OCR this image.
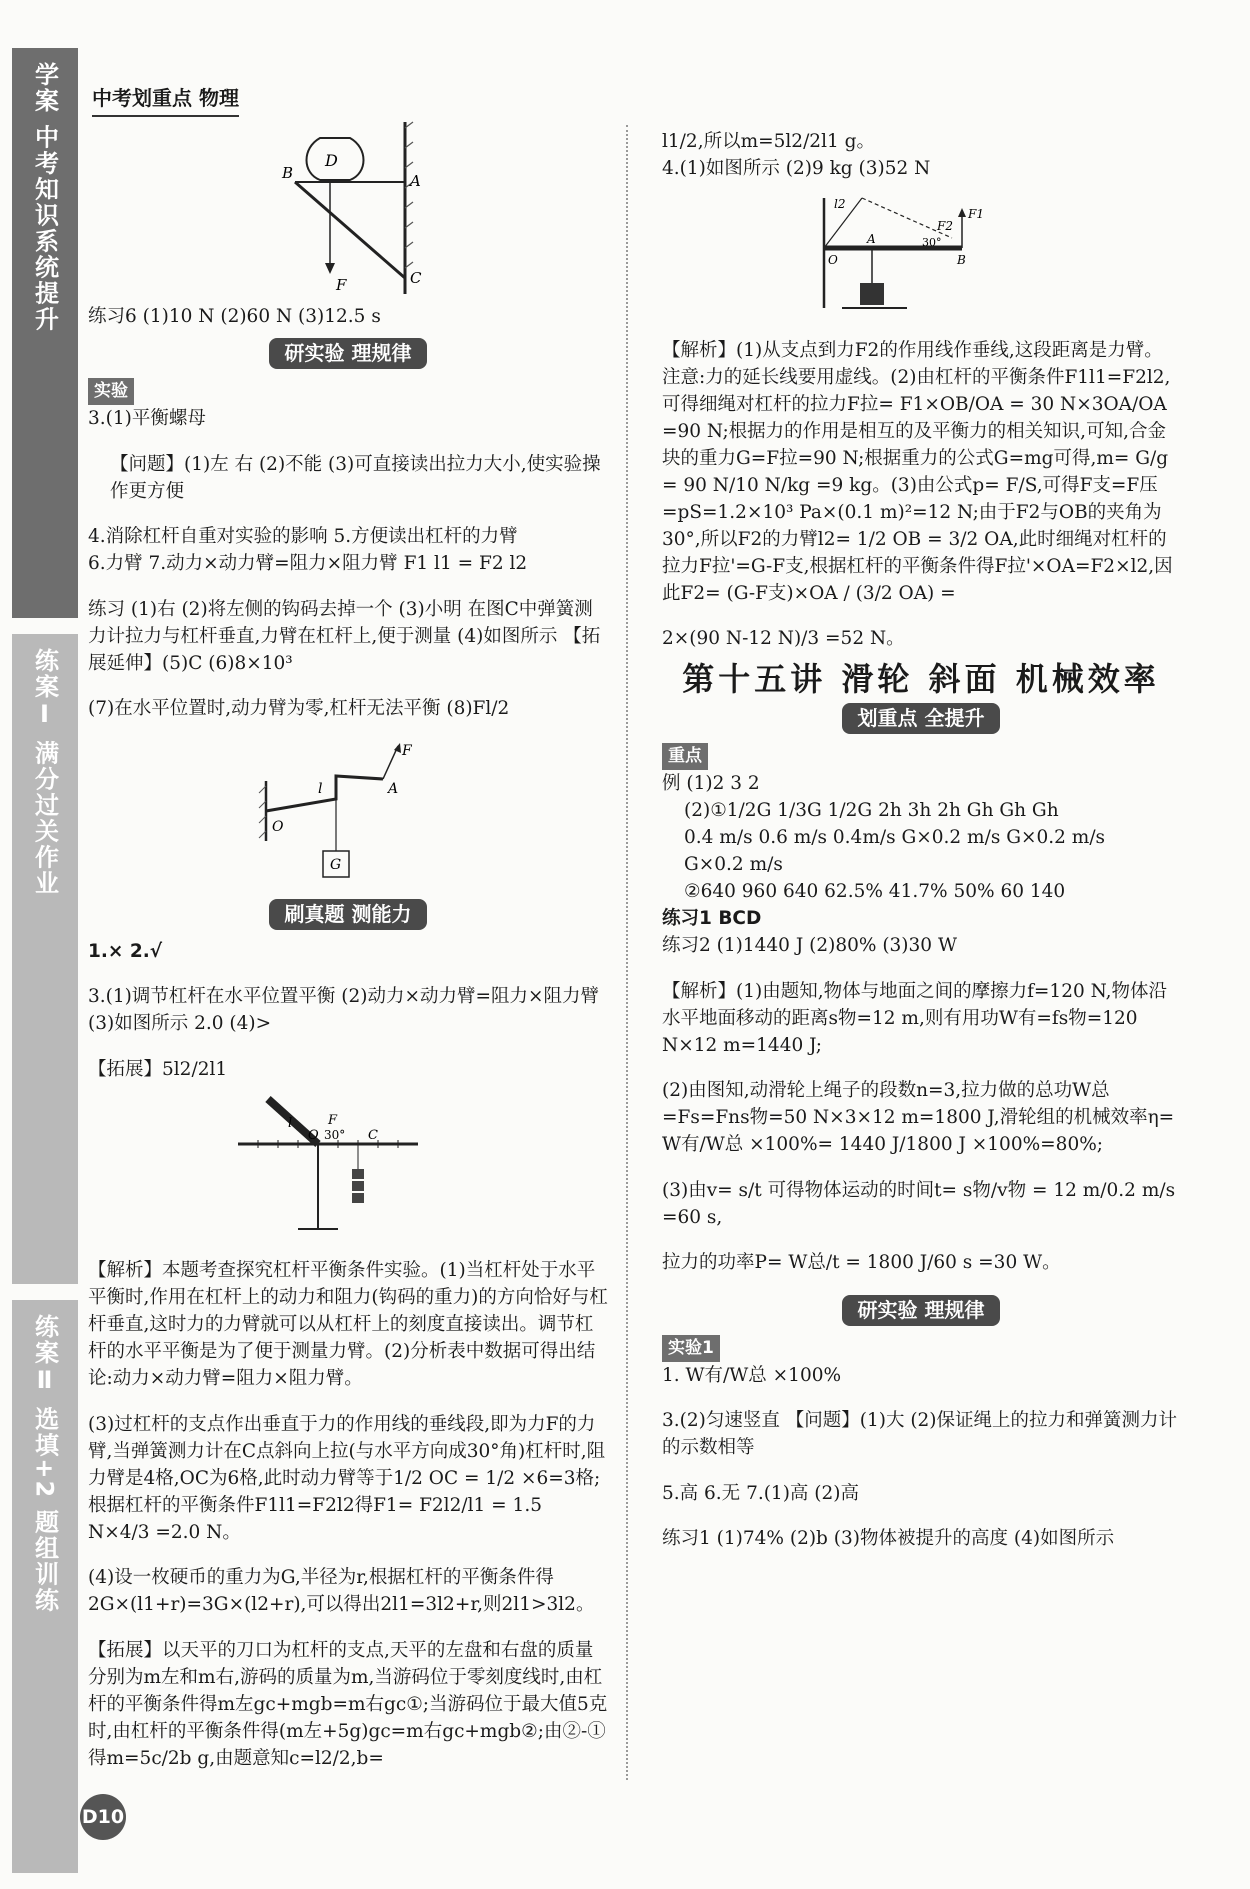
学案 中考知识系统提升
练案Ⅰ 满分过关作业
练案Ⅱ 选填+2 题组训练
中考划重点 物理
D
B	A
C
F

练习6 (1)10 N (2)60 N (3)12.5 s

研实验 理规律
实验

3.(1)平衡螺母

【问题】(1)左 右 (2)不能 (3)可直接读出拉力大小,使实验操作更方便

4.消除杠杆自重对实验的影响 5.方便读出杠杆的力臂

6.力臂 7.动力×动力臂=阻力×阻力臂 F1 l1 = F2 l2

练习 (1)右 (2)将左侧的钩码去掉一个 (3)小明 在图C中弹簧测力计拉力与杠杆垂直,力臂在杠杆上,便于测量 (4)如图所示 【拓展延伸】(5)C (6)8×10³

(7)在水平位置时,动力臂为零,杠杆无法平衡 (8)Fl/2

F
A
l
O
G
刷真题 测能力

1.× 2.√

3.(1)调节杠杆在水平位置平衡 (2)动力×动力臂=阻力×阻力臂 (3)如图所示 2.0 (4)>

【拓展】5l2/2l1

l	F
O 30° C

【解析】本题考查探究杠杆平衡条件实验。(1)当杠杆处于水平平衡时,作用在杠杆上的动力和阻力(钩码的重力)的方向恰好与杠杆垂直,这时力的力臂就可以从杠杆上的刻度直接读出。调节杠杆的水平平衡是为了便于测量力臂。(2)分析表中数据可得出结论:动力×动力臂=阻力×阻力臂。

(3)过杠杆的支点作出垂直于力的作用线的垂线段,即为力F的力臂,当弹簧测力计在C点斜向上拉(与水平方向成30°角)杠杆时,阻力臂是4格,OC为6格,此时动力臂等于1/2 OC = 1/2 ×6=3格;根据杠杆的平衡条件F1l1=F2l2得F1= F2l2/l1 = 1.5 N×4/3 =2.0 N。

(4)设一枚硬币的重力为G,半径为r,根据杠杆的平衡条件得2G×(l1+r)=3G×(l2+r),可以得出2l1=3l2+r,则2l1>3l2。

【拓展】以天平的刀口为杠杆的支点,天平的左盘和右盘的质量分别为m左和m右,游码的质量为m,当游码位于零刻度线时,由杠杆的平衡条件得m左gc+mgb=m右gc①;当游码位于最大值5克时,由杠杆的平衡条件得(m左+5g)gc=m右gc+mgb②;由②-①得m=5c/2b g,由题意知c=l2/2,b=

l1/2,所以m=5l2/2l1 g。

4.(1)如图所示 (2)9 kg (3)52 N

l2
F2
F1
30°
O
A
B

【解析】(1)从支点到力F2的作用线作垂线,这段距离是力臂。注意:力的延长线要用虚线。(2)由杠杆的平衡条件F1l1=F2l2,可得细绳对杠杆的拉力F拉= F1×OB/OA = 30 N×3OA/OA =90 N;根据力的作用是相互的及平衡力的相关知识,可知,合金块的重力G=F拉=90 N;根据重力的公式G=mg可得,m= G/g = 90 N/10 N/kg =9 kg。(3)由公式p= F/S,可得F支=F压=pS=1.2×10³ Pa×(0.1 m)²=12 N;由于F2与OB的夹角为30°,所以F2的力臂l2= 1/2 OB = 3/2 OA,此时细绳对杠杆的拉力F拉'=G-F支,根据杠杆的平衡条件得F拉'×OA=F2×l2,因此F2= (G-F支)×OA / (3/2 OA) =

2×(90 N-12 N)/3 =52 N。

第十五讲 滑轮 斜面 机械效率
划重点 全提升
重点

例 (1)2 3 2

(2)①1/2G 1/3G 1/2G 2h 3h 2h Gh Gh Gh

0.4 m/s 0.6 m/s 0.4m/s G×0.2 m/s G×0.2 m/s

G×0.2 m/s

②640 960 640 62.5% 41.7% 50% 60 140

练习1 BCD

练习2 (1)1440 J (2)80% (3)30 W

【解析】(1)由题知,物体与地面之间的摩擦力f=120 N,物体沿水平地面移动的距离s物=12 m,则有用功W有=fs物=120 N×12 m=1440 J;

(2)由图知,动滑轮上绳子的段数n=3,拉力做的总功W总=Fs=Fns物=50 N×3×12 m=1800 J,滑轮组的机械效率η= W有/W总 ×100%= 1440 J/1800 J ×100%=80%;

(3)由v= s/t 可得物体运动的时间t= s物/v物 = 12 m/0.2 m/s =60 s,

拉力的功率P= W总/t = 1800 J/60 s =30 W。

研实验 理规律
实验1

1. W有/W总 ×100%

3.(2)匀速竖直 【问题】(1)大 (2)保证绳上的拉力和弹簧测力计的示数相等

5.高 6.无 7.(1)高 (2)高

练习1 (1)74% (2)b (3)物体被提升的高度 (4)如图所示

D10
